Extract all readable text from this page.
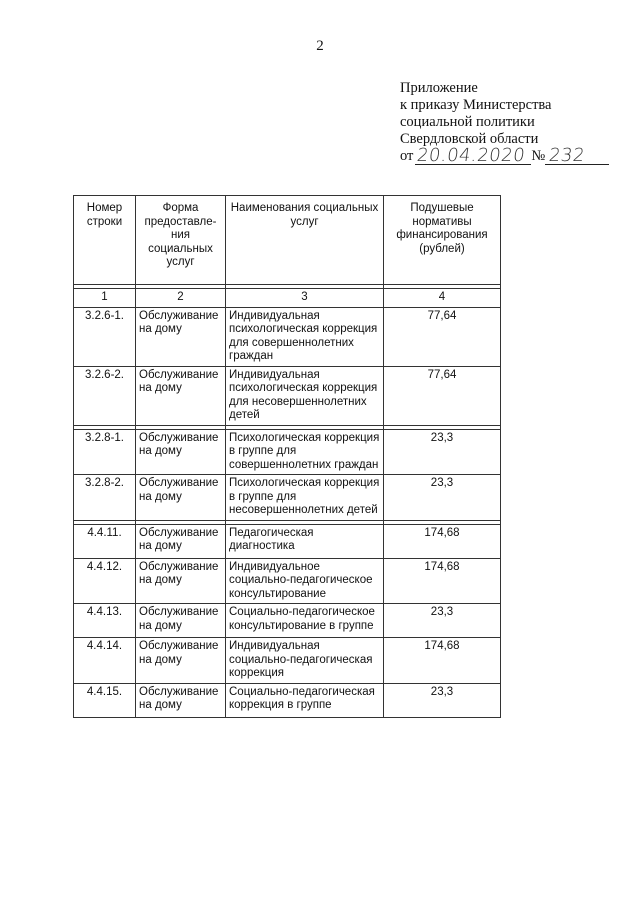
2
Приложение
к приказу Министерства
социальной политики
Свердловской области
от 20.04.2020 № 232
Номер строки	Форма предоставле-ния социальных услуг	Наименования социальных услуг	Подушевые нормативы финансирования (рублей)

1	2	3	4
3.2.6-1.	Обслуживание на дому	Индивидуальная психологическая коррекция для совершеннолетних граждан	77,64
3.2.6-2.	Обслуживание на дому	Индивидуальная психологическая коррекция для несовершеннолетних детей	77,64

3.2.8-1.	Обслуживание на дому	Психологическая коррекция в группе для совершеннолетних граждан	23,3
3.2.8-2.	Обслуживание на дому	Психологическая коррекция в группе для несовершеннолетних детей	23,3

4.4.11.	Обслуживание на дому	Педагогическая диагностика	174,68
4.4.12.	Обслуживание на дому	Индивидуальное социально-педагогическое консультирование	174,68
4.4.13.	Обслуживание на дому	Социально-педагогическое консультирование в группе	23,3
4.4.14.	Обслуживание на дому	Индивидуальная социально-педагогическая коррекция	174,68
4.4.15.	Обслуживание на дому	Социально-педагогическая коррекция в группе	23,3
